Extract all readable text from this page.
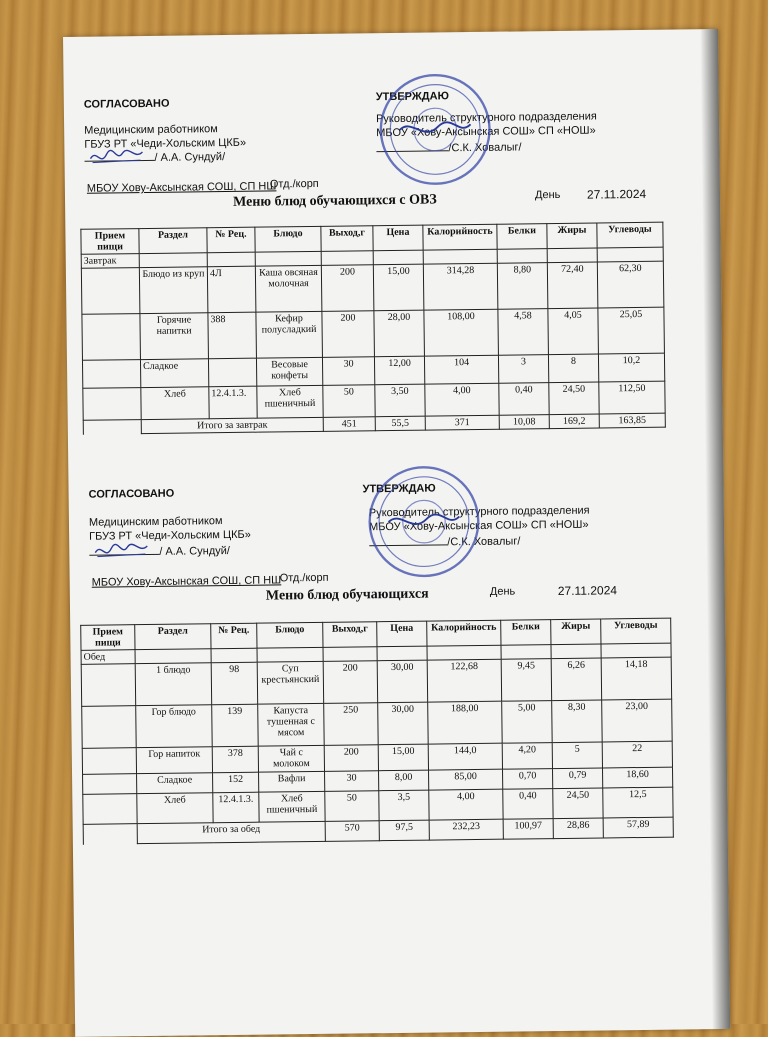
СОГЛАСОВАНО
УТВЕРЖДАЮ
Медицинским работником
ГБУЗ РТ «Чеди-Хольским ЦКБ»
/ А.А. Сундуй/
Руководитель структурного подразделения
МБОУ «Хову-Аксынская СОШ» СП «НОШ»
/С.К. Ховалыг/
МБОУ Хову-Аксынская СОШ, СП НШ
Отд./корп
Меню блюд обучающихся с ОВЗ	День 27.11.2024
Прием пищи	Раздел	№ Рец.	Блюдо	Выход,г	Цена	Калорийность	Белки	Жиры	Углеводы
Завтрак									
	Блюдо из круп	4Л	Каша овсяная молочная	200	15,00	314,28	8,80	72,40	62,30
	Горячие напитки	388	Кефир полусладкий	200	28,00	108,00	4,58	4,05	25,05
	Сладкое		Весовые конфеты	30	12,00	104	3	8	10,2
	Хлеб	12.4.1.3.	Хлеб пшеничный	50	3,50	4,00	0,40	24,50	112,50
	Итого за завтрак			451	55,5	371	10,08	169,2	163,85
СОГЛАСОВАНО	УТВЕРЖДАЮ
Медицинским работником
ГБУЗ РТ «Чеди-Хольским ЦКБ»
/ А.А. Сундуй/
Руководитель структурного подразделения
МБОУ «Хову-Аксынская СОШ» СП «НОШ»
/С.К. Ховалыг/
МБОУ Хову-Аксынская СОШ, СП НШ
Отд./корп
Меню блюд обучающихся	День	27.11.2024
Прием пищи	Раздел	№ Рец.	Блюдо	Выход,г	Цена	Калорийность	Белки	Жиры	Углеводы
Обед									
	1 блюдо	98	Суп крестьянский	200	30,00	122,68	9,45	6,26	14,18
	Гор блюдо	139	Капуста тушенная с мясом	250	30,00	188,00	5,00	8,30	23,00
	Гор напиток	378	Чай с молоком	200	15,00	144,0	4,20	5	22
	Сладкое	152	Вафли	30	8,00	85,00	0,70	0,79	18,60
	Хлеб	12.4.1.3.	Хлеб пшеничный	50	3,5	4,00	0,40	24,50	12,5
	Итого за обед			570	97,5	232,23	100,97	28,86	57,89
